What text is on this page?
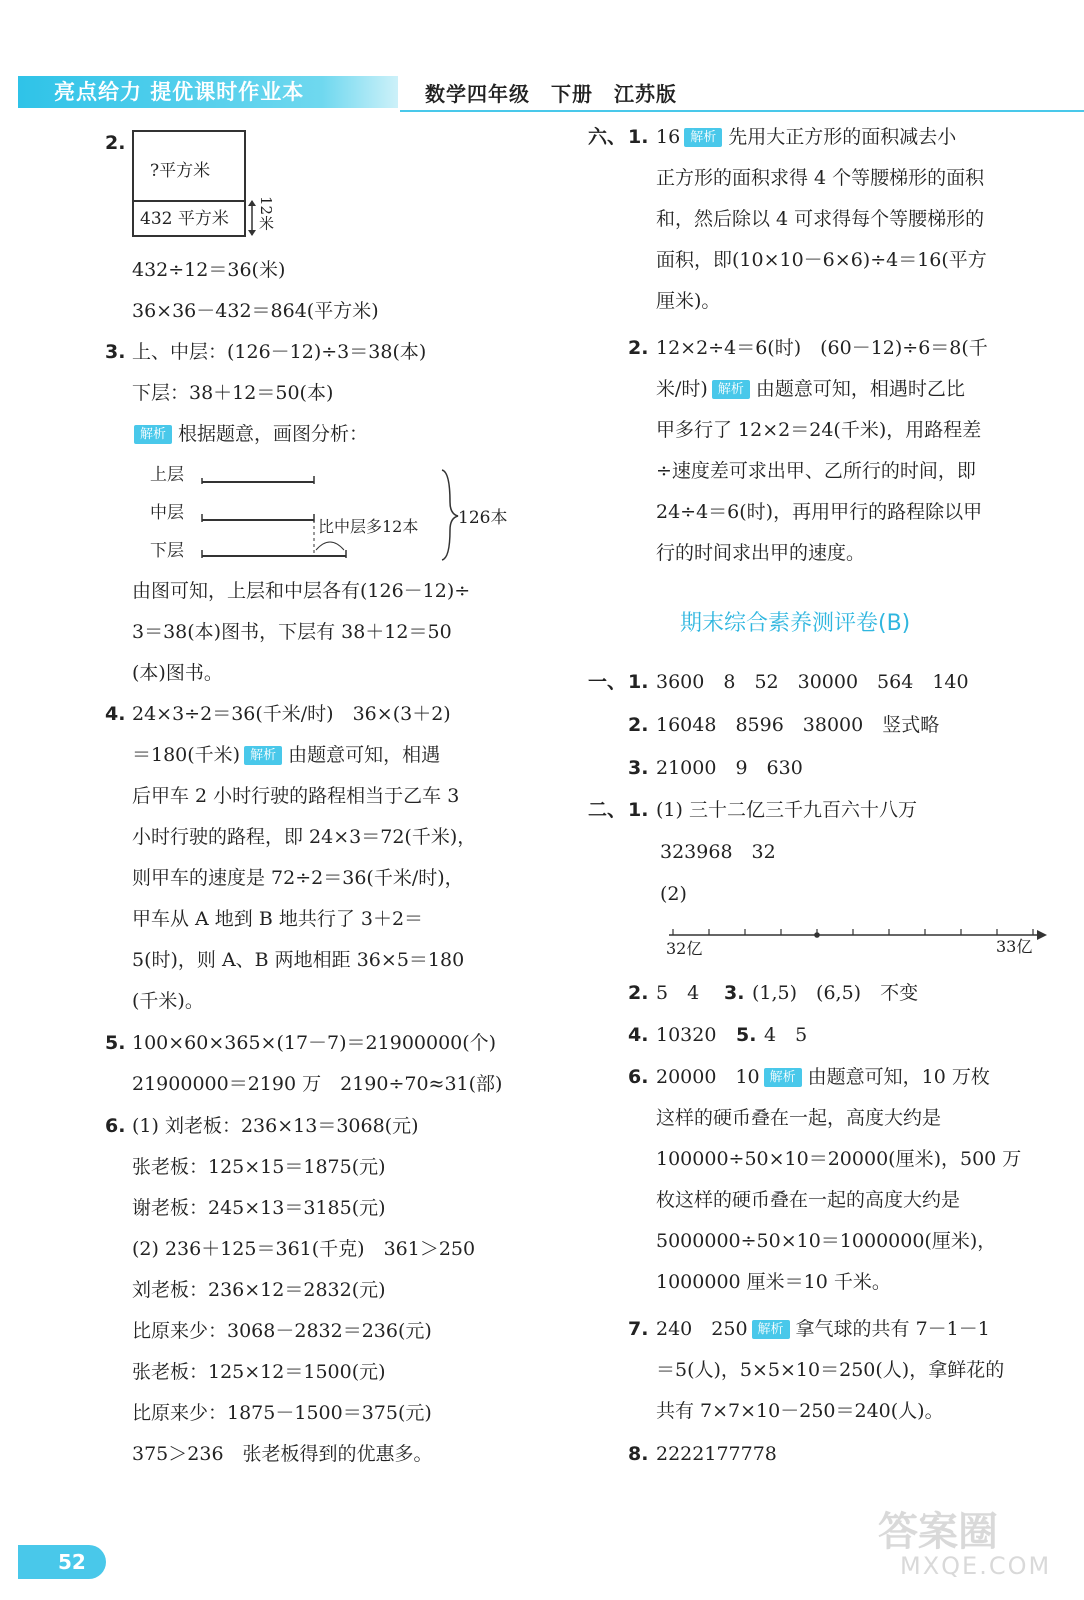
亮点给力 提优课时作业本	数学四年级　下册　江苏版
2.
?平方米
432 平方米 12米
432÷12＝36(米)
36×36－432＝864(平方米)
3. 上、中层：(126－12)÷3＝38(本)
下层：38＋12＝50(本)
解析 根据题意，画图分析：
上层
中层
下层
比中层多12本 126本
由图可知，上层和中层各有(126－12)÷
3＝38(本)图书，下层有 38＋12＝50
(本)图书。
4. 24×3÷2＝36(千米/时)　36×(3＋2)
＝180(千米) 解析 由题意可知，相遇
后甲车 2 小时行驶的路程相当于乙车 3
小时行驶的路程，即 24×3＝72(千米)，
则甲车的速度是 72÷2＝36(千米/时)，
甲车从 A 地到 B 地共行了 3＋2＝
5(时)，则 A、B 两地相距 36×5＝180
(千米)。
5. 100×60×365×(17－7)＝21900000(个)
21900000＝2190 万　2190÷70≈31(部)
6. (1) 刘老板：236×13＝3068(元)
张老板：125×15＝1875(元)
谢老板：245×13＝3185(元)
(2) 236＋125＝361(千克)　361＞250
刘老板：236×12＝2832(元)
比原来少：3068－2832＝236(元)
张老板：125×12＝1500(元)
比原来少：1875－1500＝375(元)
375＞236　张老板得到的优惠多。
六、 1. 16 解析 先用大正方形的面积减去小
正方形的面积求得 4 个等腰梯形的面积
和，然后除以 4 可求得每个等腰梯形的
面积，即(10×10－6×6)÷4＝16(平方
厘米)。
2. 12×2÷4＝6(时)　(60－12)÷6＝8(千
米/时) 解析 由题意可知，相遇时乙比
甲多行了 12×2＝24(千米)，用路程差
÷速度差可求出甲、乙所行的时间，即
24÷4＝6(时)，再用甲行的路程除以甲
行的时间求出甲的速度。
期末综合素养测评卷(B)
一、 1. 3600　8　52　30000　564　140
2. 16048　8596　38000　竖式略
3. 21000　9　630
二、 1. (1) 三十二亿三千九百六十八万
323968　32
(2)
32亿	33亿
2. 5　4 3. (1,5)　(6,5)　不变
4. 10320 5. 4　5
6. 20000　10 解析 由题意可知，10 万枚
这样的硬币叠在一起，高度大约是
100000÷50×10＝20000(厘米)，500 万
枚这样的硬币叠在一起的高度大约是
5000000÷50×10＝1000000(厘米)，
1000000 厘米＝10 千米。
7. 240　250 解析 拿气球的共有 7－1－1
＝5(人)，5×5×10＝250(人)，拿鲜花的
共有 7×7×10－250＝240(人)。
8. 2222177778
52
答案圈
MXQE.COM
